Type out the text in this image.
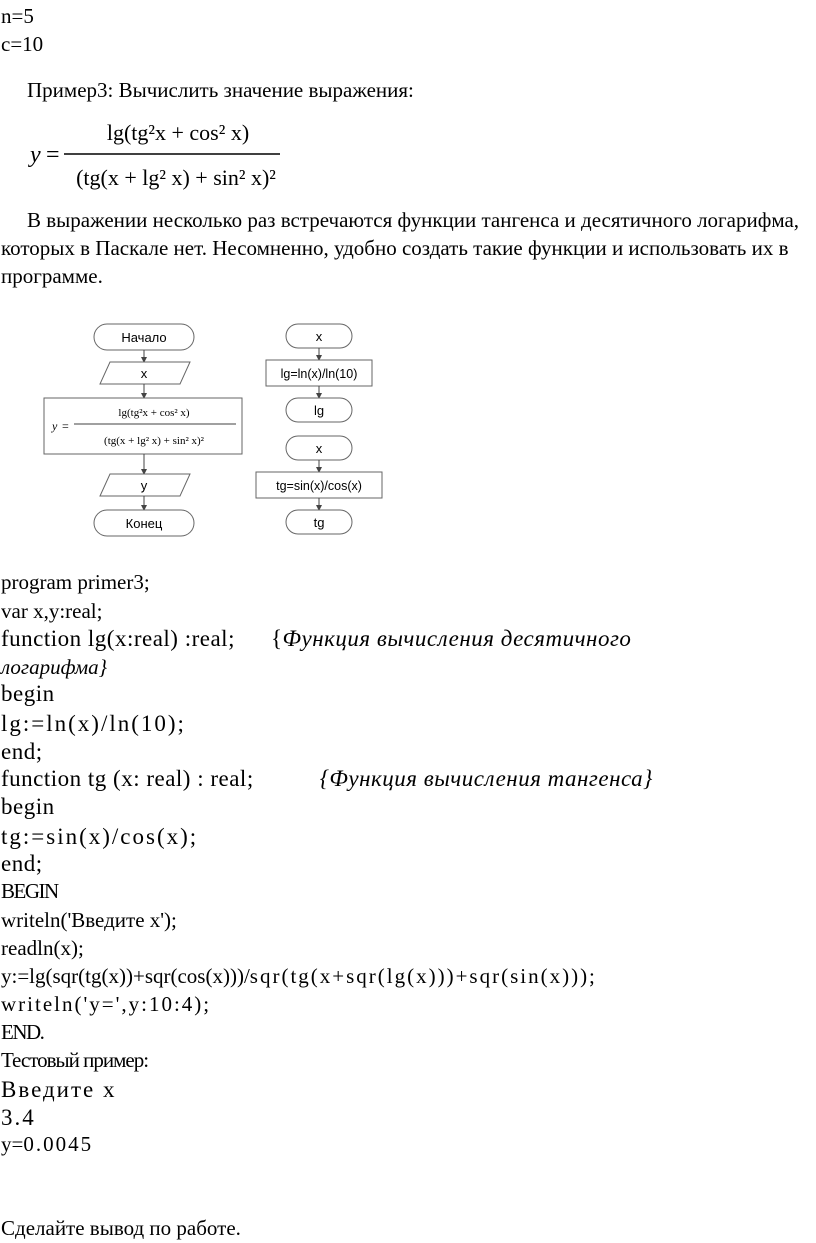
n=5
c=10
Пример3: Вычислить значение выражения:
y =
lg(tg²x + cos² x)
(tg(x + lg² x) + sin² x)²
В выражении несколько раз встречаются функции тангенса и десятичного логарифма, которых в Паскале нет. Несомненно, удобно создать такие функции и использовать их в программе.
Начало
x
y =
lg(tg²x + cos² x)
(tg(x + lg² x) + sin² x)²
y
Конец
x
lg=ln(x)/ln(10)
lg
x
tg=sin(x)/cos(x)
tg
program primer3;
var x,y:real;
function lg(x:real) :real; {Функция вычисления десятичного
логарифма}
begin
lg:=ln(x)/ln(10);
end;
function tg (x: real) : real;	{Функция вычисления тангенса}
begin
tg:=sin(x)/cos(x);
end;
BEGIN
writeln('Введите x');
readln(x);
y:=lg(sqr(tg(x))+sqr(cos(x)))/sqr(tg(x+sqr(lg(x)))+sqr(sin(x)));
writeln('y=',y:10:4);
END.
Тестовый пример:
Введите x
3.4
y=0.0045
Сделайте вывод по работе.
